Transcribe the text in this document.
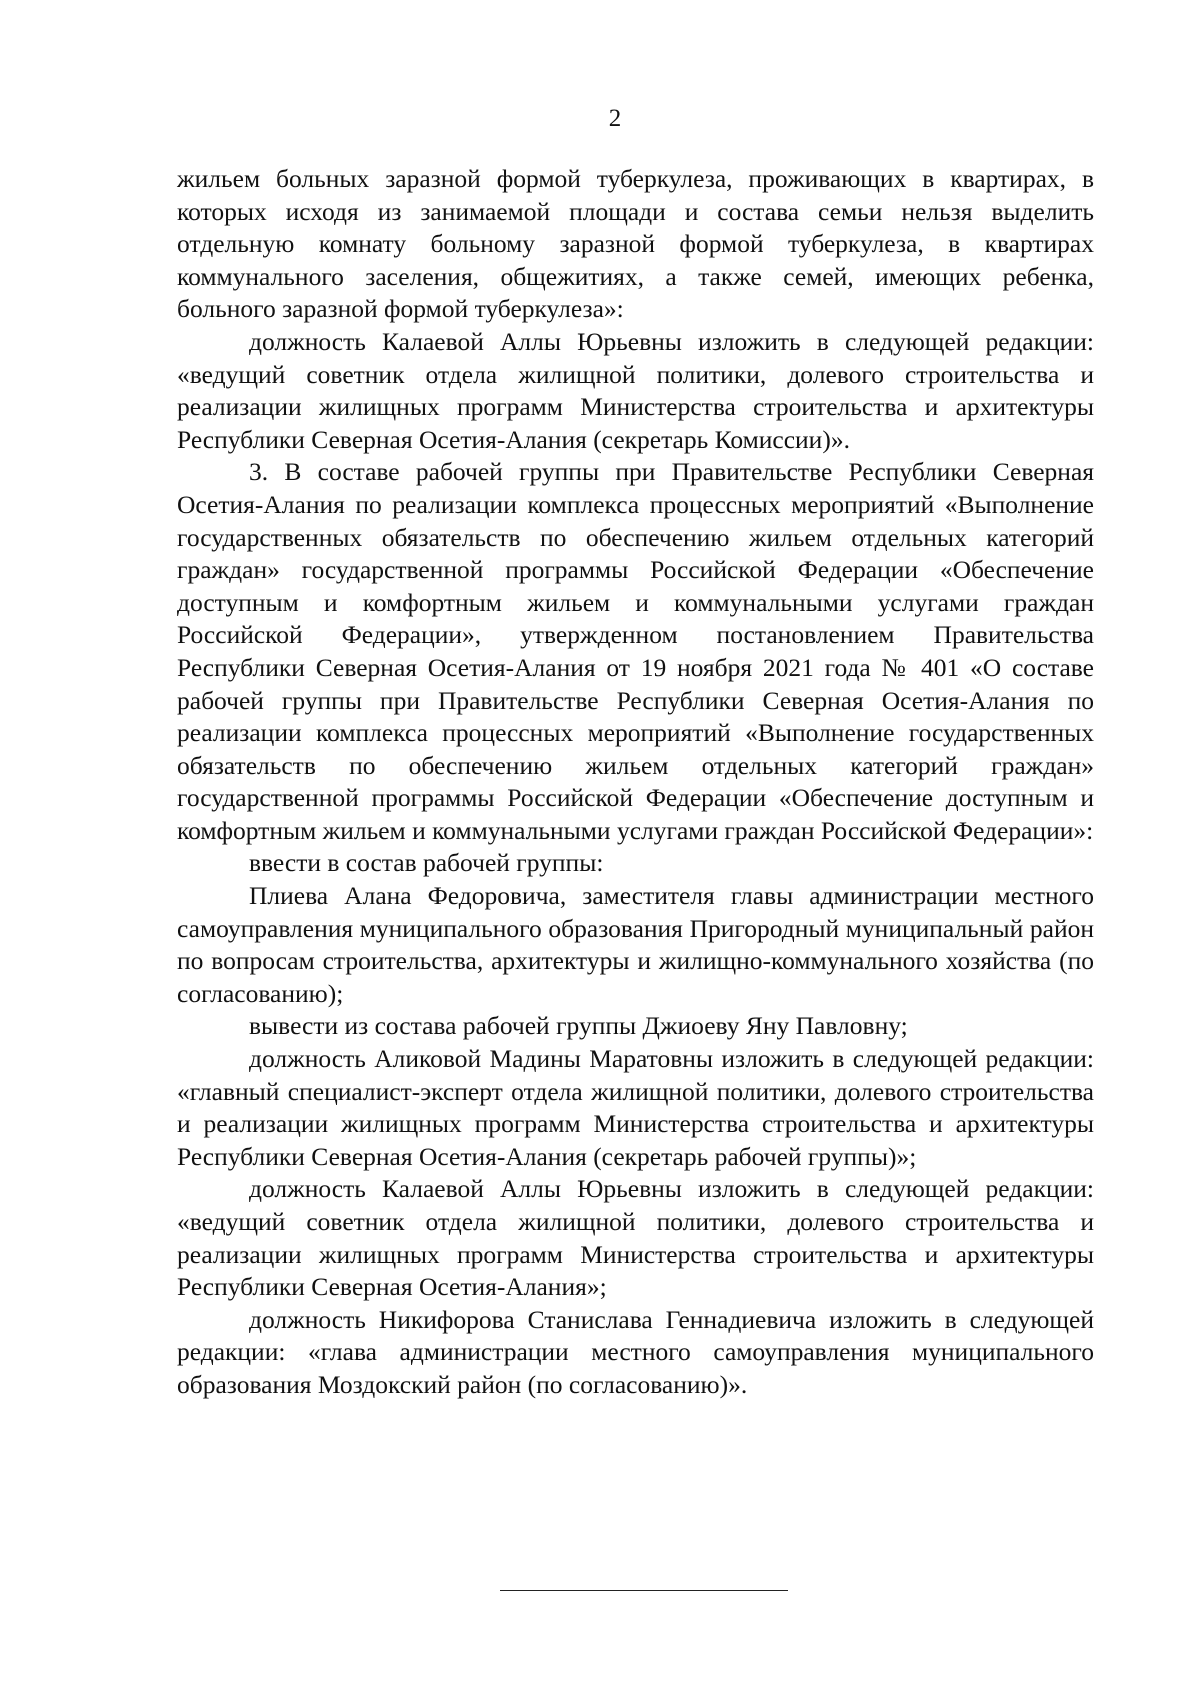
2

жильем больных заразной формой туберкулеза, проживающих в квартирах, в которых исходя из занимаемой площади и состава семьи нельзя выделить отдельную комнату больному заразной формой туберкулеза, в квартирах коммунального заселения, общежитиях, а также семей, имеющих ребенка, больного заразной формой туберкулеза»:

должность Калаевой Аллы Юрьевны изложить в следующей редакции: «ведущий советник отдела жилищной политики, долевого строительства и реализации жилищных программ Министерства строительства и архитектуры Республики Северная Осетия-Алания (секретарь Комиссии)».

3. В составе рабочей группы при Правительстве Республики Северная Осетия-Алания по реализации комплекса процессных мероприятий «Выполнение государственных обязательств по обеспечению жильем отдельных категорий граждан» государственной программы Российской Федерации «Обеспечение доступным и комфортным жильем и коммунальными услугами граждан Российской Федерации», утвержденном постановлением Правительства Республики Северная Осетия-Алания от 19 ноября 2021 года № 401 «О составе рабочей группы при Правительстве Республики Северная Осетия-Алания по реализации комплекса процессных мероприятий «Выполнение государственных обязательств по обеспечению жильем отдельных категорий граждан» государственной программы Российской Федерации «Обеспечение доступным и комфортным жильем и коммунальными услугами граждан Российской Федерации»:

ввести в состав рабочей группы:

Плиева Алана Федоровича, заместителя главы администрации местного самоуправления муниципального образования Пригородный муниципальный район по вопросам строительства, архитектуры и жилищно-коммунального хозяйства (по согласованию);

вывести из состава рабочей группы Джиоеву Яну Павловну;

должность Аликовой Мадины Маратовны изложить в следующей редакции: «главный специалист-эксперт отдела жилищной политики, долевого строительства и реализации жилищных программ Министерства строительства и архитектуры Республики Северная Осетия-Алания (секретарь рабочей группы)»;

должность Калаевой Аллы Юрьевны изложить в следующей редакции: «ведущий советник отдела жилищной политики, долевого строительства и реализации жилищных программ Министерства строительства и архитектуры Республики Северная Осетия-Алания»;

должность Никифорова Станислава Геннадиевича изложить в следующей редакции: «глава администрации местного самоуправления муниципального образования Моздокский район (по согласованию)».
